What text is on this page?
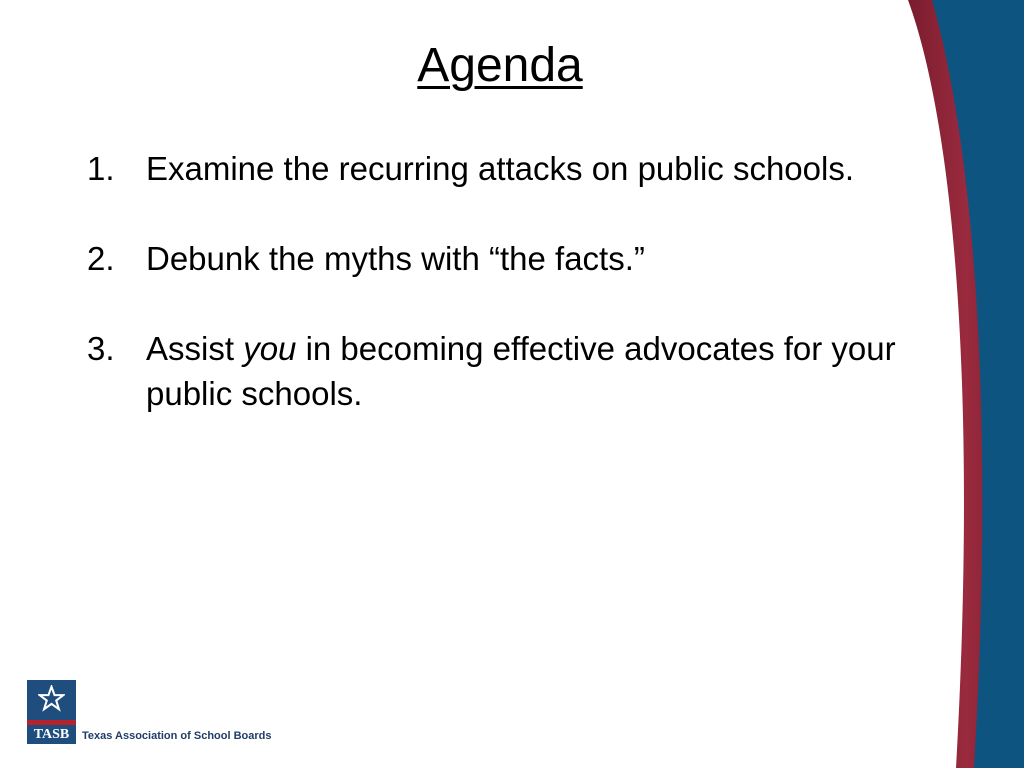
Agenda
1. Examine the recurring attacks on public schools.
2. Debunk the myths with “the facts.”
3. Assist you in becoming effective advocates for your public schools.
TASB	Texas Association of School Boards
